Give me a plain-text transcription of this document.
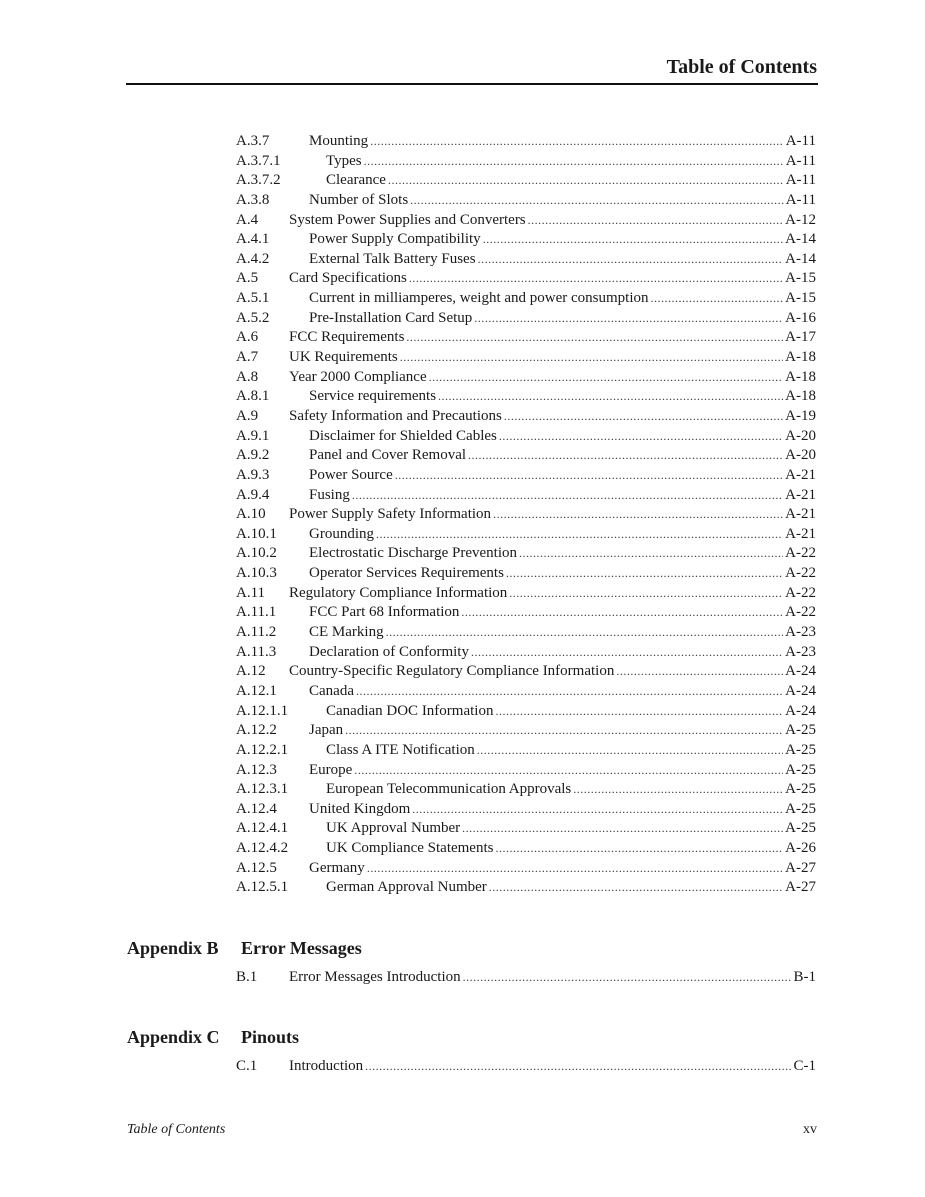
Table of Contents
A.3.7	Mounting .....	A-11
A.3.7.1	Types .....	A-11
A.3.7.2	Clearance .....	A-11
A.3.8	Number of Slots .....	A-11
A.4	System Power Supplies and Converters .....	A-12
A.4.1	Power Supply Compatibility .....	A-14
A.4.2	External Talk Battery Fuses .....	A-14
A.5	Card Specifications .....	A-15
A.5.1	Current in milliamperes, weight and power consumption .....	A-15
A.5.2	Pre-Installation Card Setup .....	A-16
A.6	FCC Requirements .....	A-17
A.7	UK Requirements .....	A-18
A.8	Year 2000 Compliance .....	A-18
A.8.1	Service requirements .....	A-18
A.9	Safety Information and Precautions .....	A-19
A.9.1	Disclaimer for Shielded Cables .....	A-20
A.9.2	Panel and Cover Removal .....	A-20
A.9.3	Power Source .....	A-21
A.9.4	Fusing .....	A-21
A.10	Power Supply Safety Information .....	A-21
A.10.1	Grounding .....	A-21
A.10.2	Electrostatic Discharge Prevention .....	A-22
A.10.3	Operator Services Requirements .....	A-22
A.11	Regulatory Compliance Information .....	A-22
A.11.1	FCC Part 68 Information .....	A-22
A.11.2	CE Marking .....	A-23
A.11.3	Declaration of Conformity .....	A-23
A.12	Country-Specific Regulatory Compliance Information .....	A-24
A.12.1	Canada .....	A-24
A.12.1.1	Canadian DOC Information .....	A-24
A.12.2	Japan .....	A-25
A.12.2.1	Class A ITE Notification .....	A-25
A.12.3	Europe .....	A-25
A.12.3.1	European Telecommunication Approvals .....	A-25
A.12.4	United Kingdom .....	A-25
A.12.4.1	UK Approval Number .....	A-25
A.12.4.2	UK Compliance Statements .....	A-26
A.12.5	Germany .....	A-27
A.12.5.1	German Approval Number .....	A-27
Appendix B	Error Messages
B.1	Error Messages Introduction .....	B-1
Appendix C	Pinouts
C.1	Introduction .....	C-1
Table of Contents	xv
